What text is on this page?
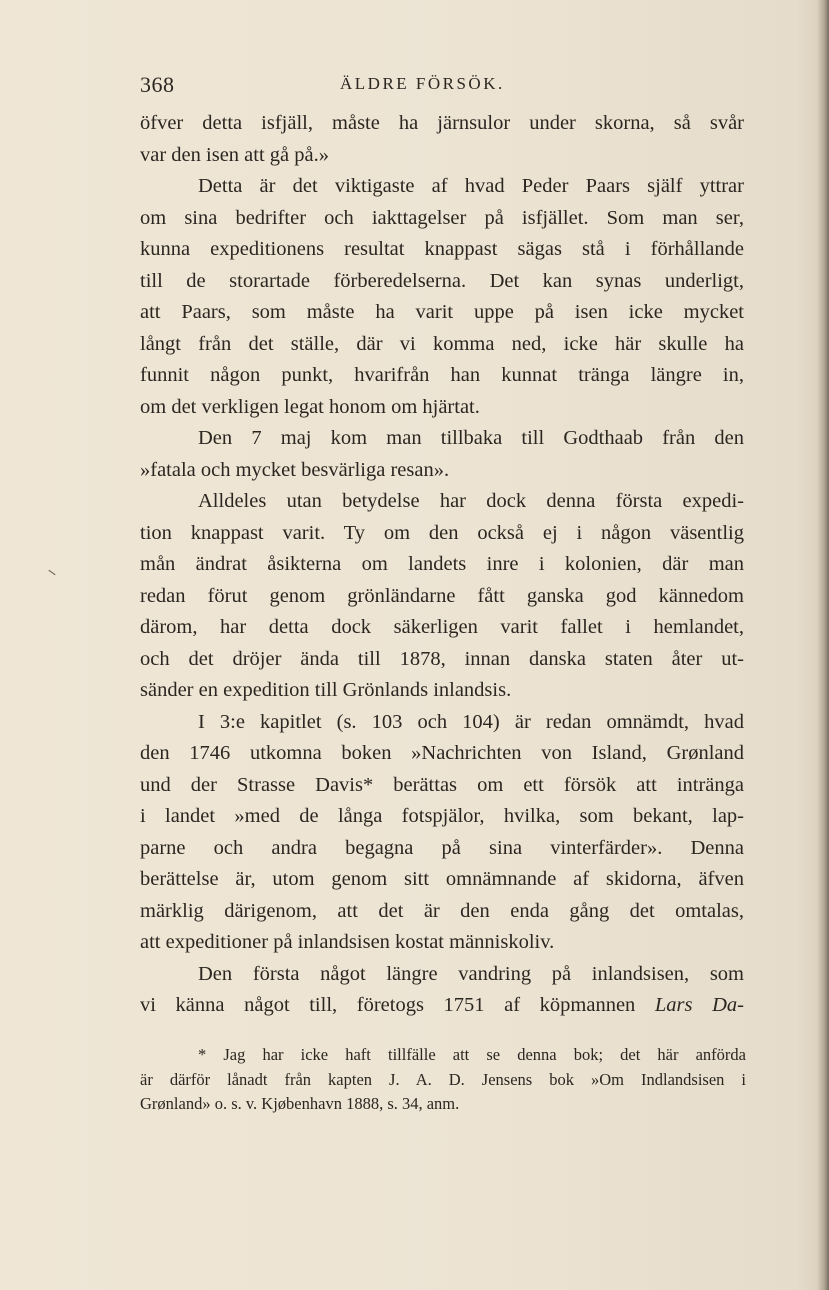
368	ÄLDRE FÖRSÖK.
öfver detta isfjäll, måste ha järnsulor under skorna, så svår
var den isen att gå på.»
Detta är det viktigaste af hvad Peder Paars själf yttrar
om sina bedrifter och iakttagelser på isfjället. Som man ser,
kunna expeditionens resultat knappast sägas stå i förhållande
till de storartade förberedelserna. Det kan synas underligt,
att Paars, som måste ha varit uppe på isen icke mycket
långt från det ställe, där vi komma ned, icke här skulle ha
funnit någon punkt, hvarifrån han kunnat tränga längre in,
om det verkligen legat honom om hjärtat.
Den 7 maj kom man tillbaka till Godthaab från den
»fatala och mycket besvärliga resan».
Alldeles utan betydelse har dock denna första expedi-
tion knappast varit. Ty om den också ej i någon väsentlig
mån ändrat åsikterna om landets inre i kolonien, där man
redan förut genom grönländarne fått ganska god kännedom
därom, har detta dock säkerligen varit fallet i hemlandet,
och det dröjer ända till 1878, innan danska staten åter ut-
sänder en expedition till Grönlands inlandsis.
I 3:e kapitlet (s. 103 och 104) är redan omnämdt, hvad
den 1746 utkomna boken »Nachrichten von Island, Grønland
und der Strasse Davis* berättas om ett försök att intränga
i landet »med de långa fotspjälor, hvilka, som bekant, lap-
parne och andra begagna på sina vinterfärder». Denna
berättelse är, utom genom sitt omnämnande af skidorna, äfven
märklig därigenom, att det är den enda gång det omtalas,
att expeditioner på inlandsisen kostat människoliv.
Den första något längre vandring på inlandsisen, som
vi känna något till, företogs 1751 af köpmannen Lars Da-
* Jag har icke haft tillfälle att se denna bok; det här anförda
är därför lånadt från kapten J. A. D. Jensens bok »Om Indlandsisen i
Grønland» o. s. v. Kjøbenhavn 1888, s. 34, anm.
